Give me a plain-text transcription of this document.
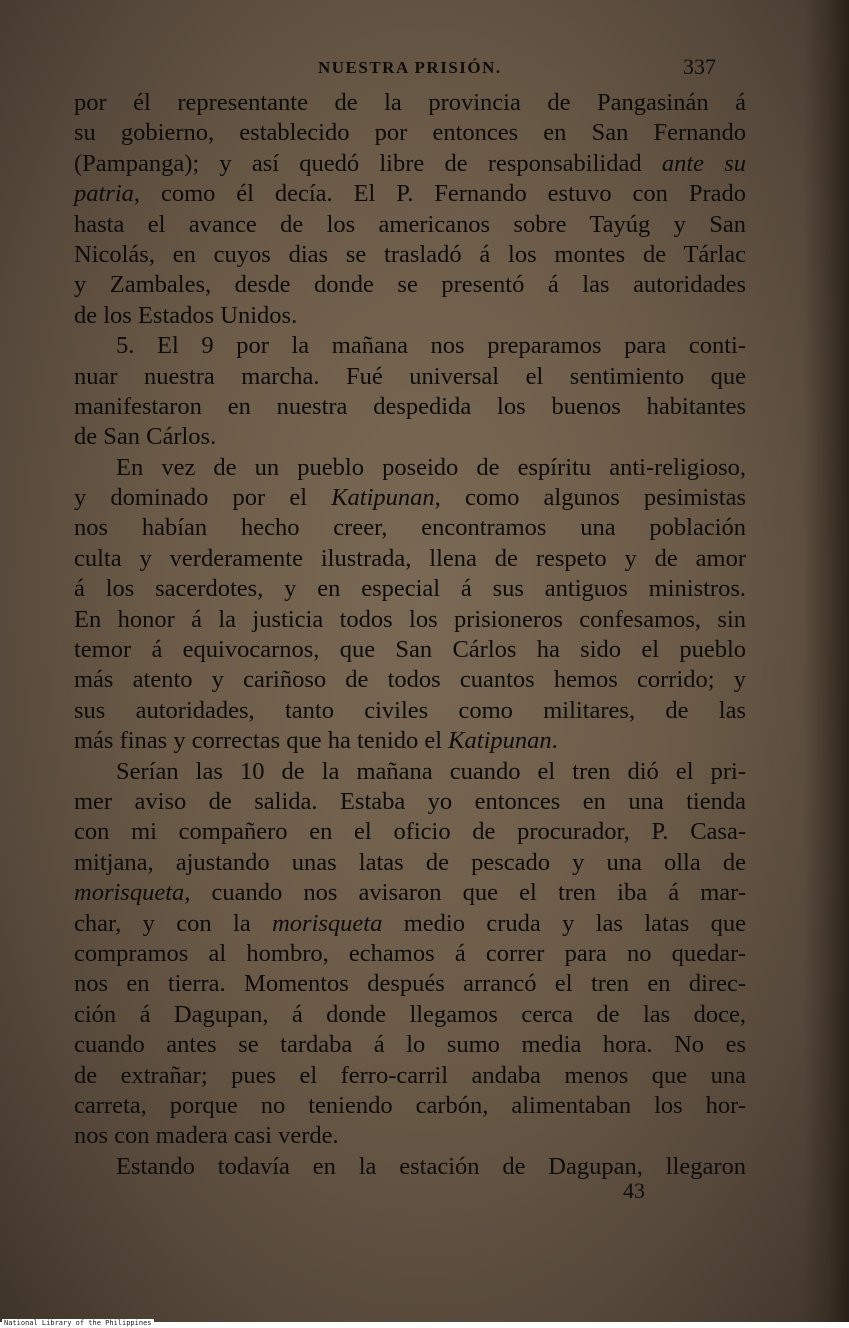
NUESTRA PRISIÓN.	337
por él representante de la provincia de Pangasinán á
su gobierno, establecido por entonces en San Fernando
(Pampanga); y así quedó libre de responsabilidad ante su
patria, como él decía. El P. Fernando estuvo con Prado
hasta el avance de los americanos sobre Tayúg y San
Nicolás, en cuyos dias se trasladó á los montes de Tárlac
y Zambales, desde donde se presentó á las autoridades
de los Estados Unidos.
5. El 9 por la mañana nos preparamos para conti-
nuar nuestra marcha. Fué universal el sentimiento que
manifestaron en nuestra despedida los buenos habitantes
de San Cárlos.
En vez de un pueblo poseido de espíritu anti-religioso,
y dominado por el Katipunan, como algunos pesimistas
nos habían hecho creer, encontramos una población
culta y verderamente ilustrada, llena de respeto y de amor
á los sacerdotes, y en especial á sus antiguos ministros.
En honor á la justicia todos los prisioneros confesamos, sin
temor á equivocarnos, que San Cárlos ha sido el pueblo
más atento y cariñoso de todos cuantos hemos corrido; y
sus autoridades, tanto civiles como militares, de las
más finas y correctas que ha tenido el Katipunan.
Serían las 10 de la mañana cuando el tren dió el pri-
mer aviso de salida. Estaba yo entonces en una tienda
con mi compañero en el oficio de procurador, P. Casa-
mitjana, ajustando unas latas de pescado y una olla de
morisqueta, cuando nos avisaron que el tren iba á mar-
char, y con la morisqueta medio cruda y las latas que
compramos al hombro, echamos á correr para no quedar-
nos en tierra. Momentos después arrancó el tren en direc-
ción á Dagupan, á donde llegamos cerca de las doce,
cuando antes se tardaba á lo sumo media hora. No es
de extrañar; pues el ferro-carril andaba menos que una
carreta, porque no teniendo carbón, alimentaban los hor-
nos con madera casi verde.
Estando todavía en la estación de Dagupan, llegaron
43
National Library of the Philippines
